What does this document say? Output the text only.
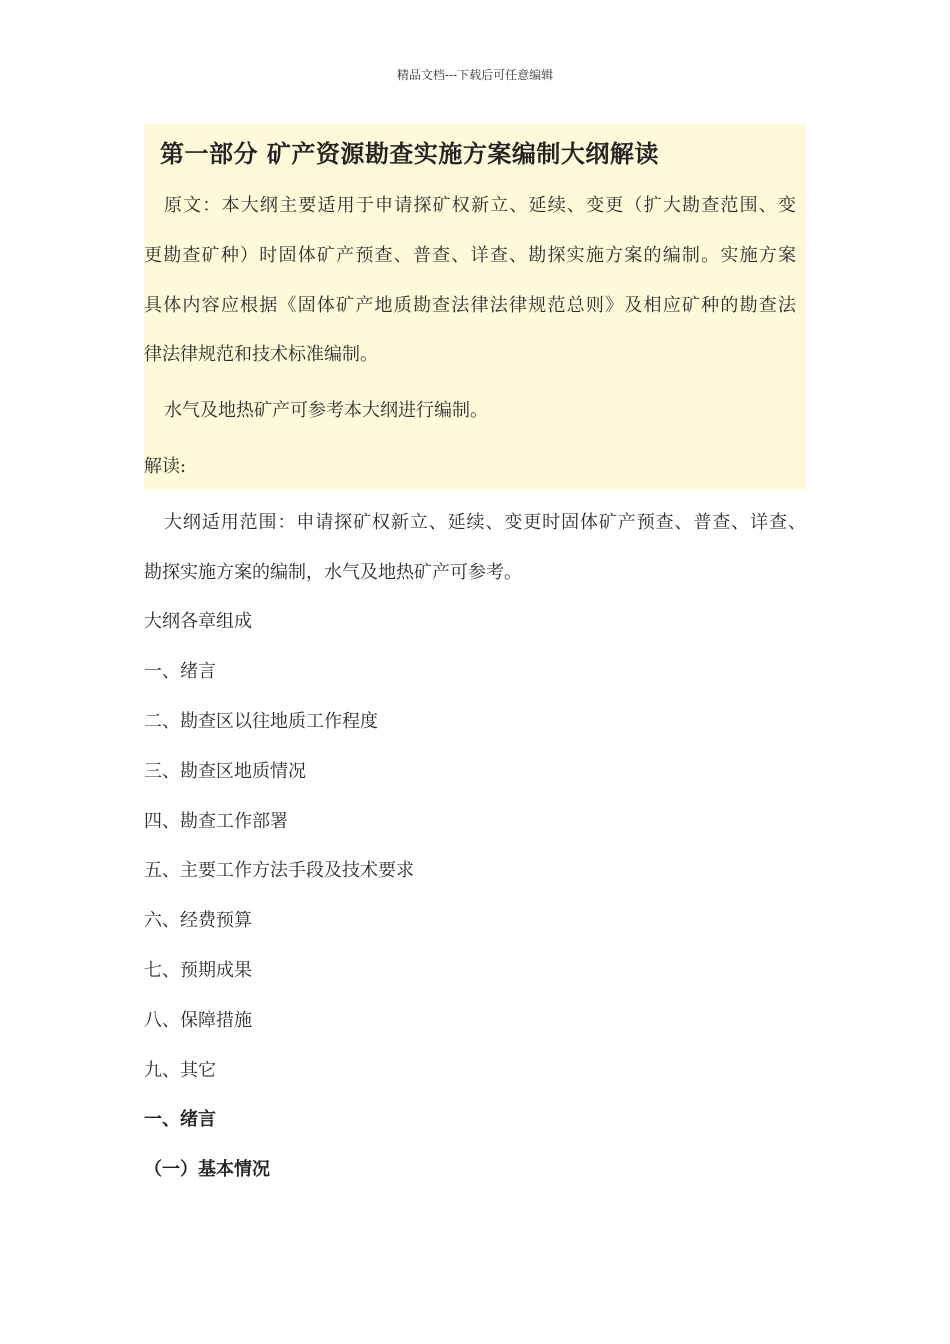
精品文档---下载后可任意编辑
第一部分 矿产资源勘查实施方案编制大纲解读
原文：本大纲主要适用于申请探矿权新立、延续、变更（扩大勘查范围、变
更勘查矿种）时固体矿产预查、普查、详查、勘探实施方案的编制。实施方案
具体内容应根据《固体矿产地质勘查法律法律规范总则》及相应矿种的勘查法
律法律规范和技术标准编制。
水气及地热矿产可参考本大纲进行编制。
解读:
大纲适用范围：申请探矿权新立、延续、变更时固体矿产预查、普查、详查、
勘探实施方案的编制，水气及地热矿产可参考。
大纲各章组成
一、绪言
二、勘查区以往地质工作程度
三、勘查区地质情况
四、勘查工作部署
五、主要工作方法手段及技术要求
六、经费预算
七、预期成果
八、保障措施
九、其它
一、绪言
（一）基本情况
